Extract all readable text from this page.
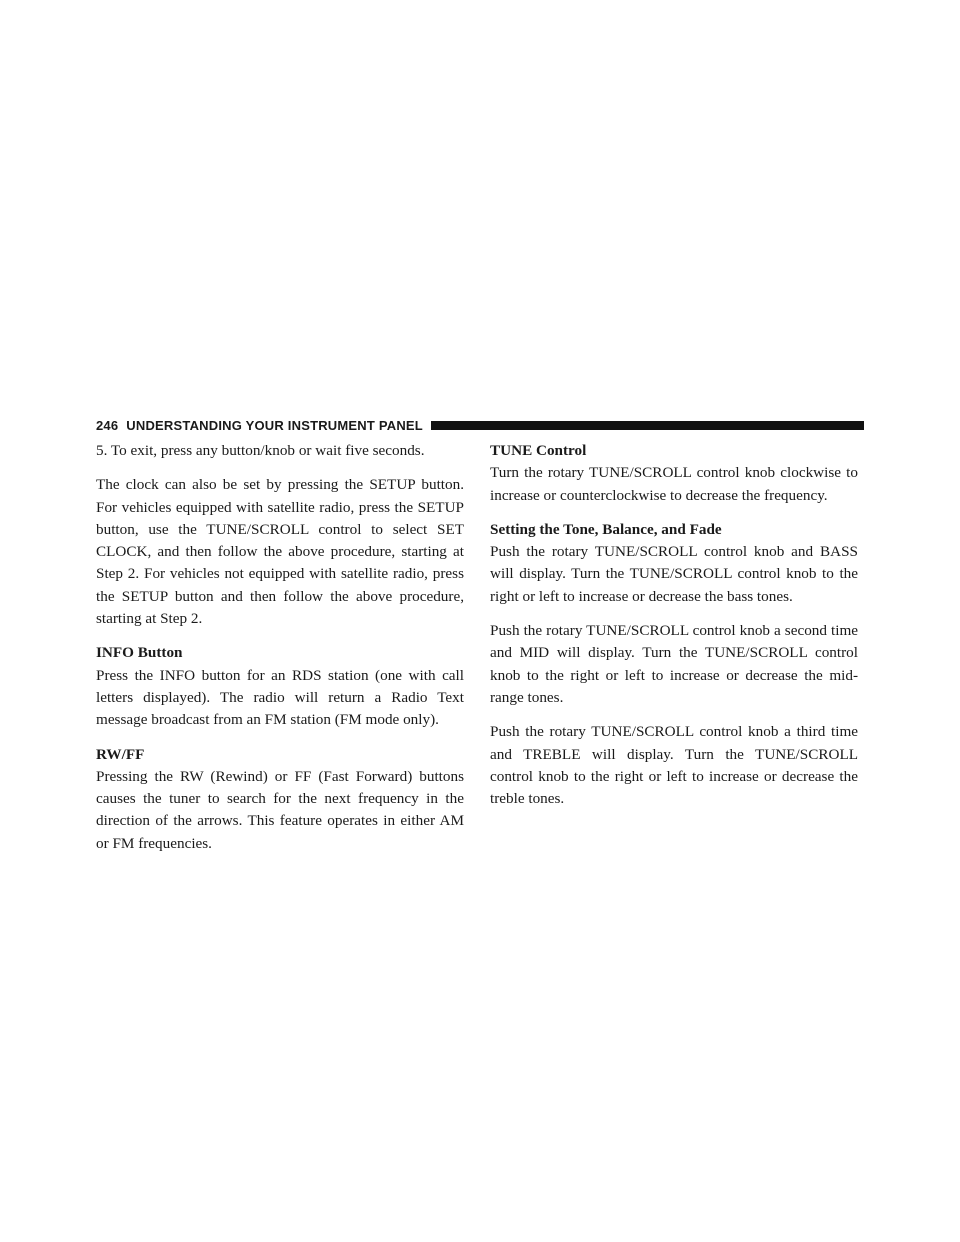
246 UNDERSTANDING YOUR INSTRUMENT PANEL

5. To exit, press any button/knob or wait five seconds.

The clock can also be set by pressing the SETUP button. For vehicles equipped with satellite radio, press the SETUP button, use the TUNE/SCROLL control to select SET CLOCK, and then follow the above procedure, starting at Step 2. For vehicles not equipped with satellite radio, press the SETUP button and then follow the above procedure, starting at Step 2.

INFO Button

Press the INFO button for an RDS station (one with call letters displayed). The radio will return a Radio Text message broadcast from an FM station (FM mode only).

RW/FF

Pressing the RW (Rewind) or FF (Fast Forward) buttons causes the tuner to search for the next frequency in the direction of the arrows. This feature operates in either AM or FM frequencies.

TUNE Control

Turn the rotary TUNE/SCROLL control knob clockwise to increase or counterclockwise to decrease the frequency.

Setting the Tone, Balance, and Fade

Push the rotary TUNE/SCROLL control knob and BASS will display. Turn the TUNE/SCROLL control knob to the right or left to increase or decrease the bass tones.

Push the rotary TUNE/SCROLL control knob a second time and MID will display. Turn the TUNE/SCROLL control knob to the right or left to increase or decrease the mid-range tones.

Push the rotary TUNE/SCROLL control knob a third time and TREBLE will display. Turn the TUNE/SCROLL control knob to the right or left to increase or decrease the treble tones.
